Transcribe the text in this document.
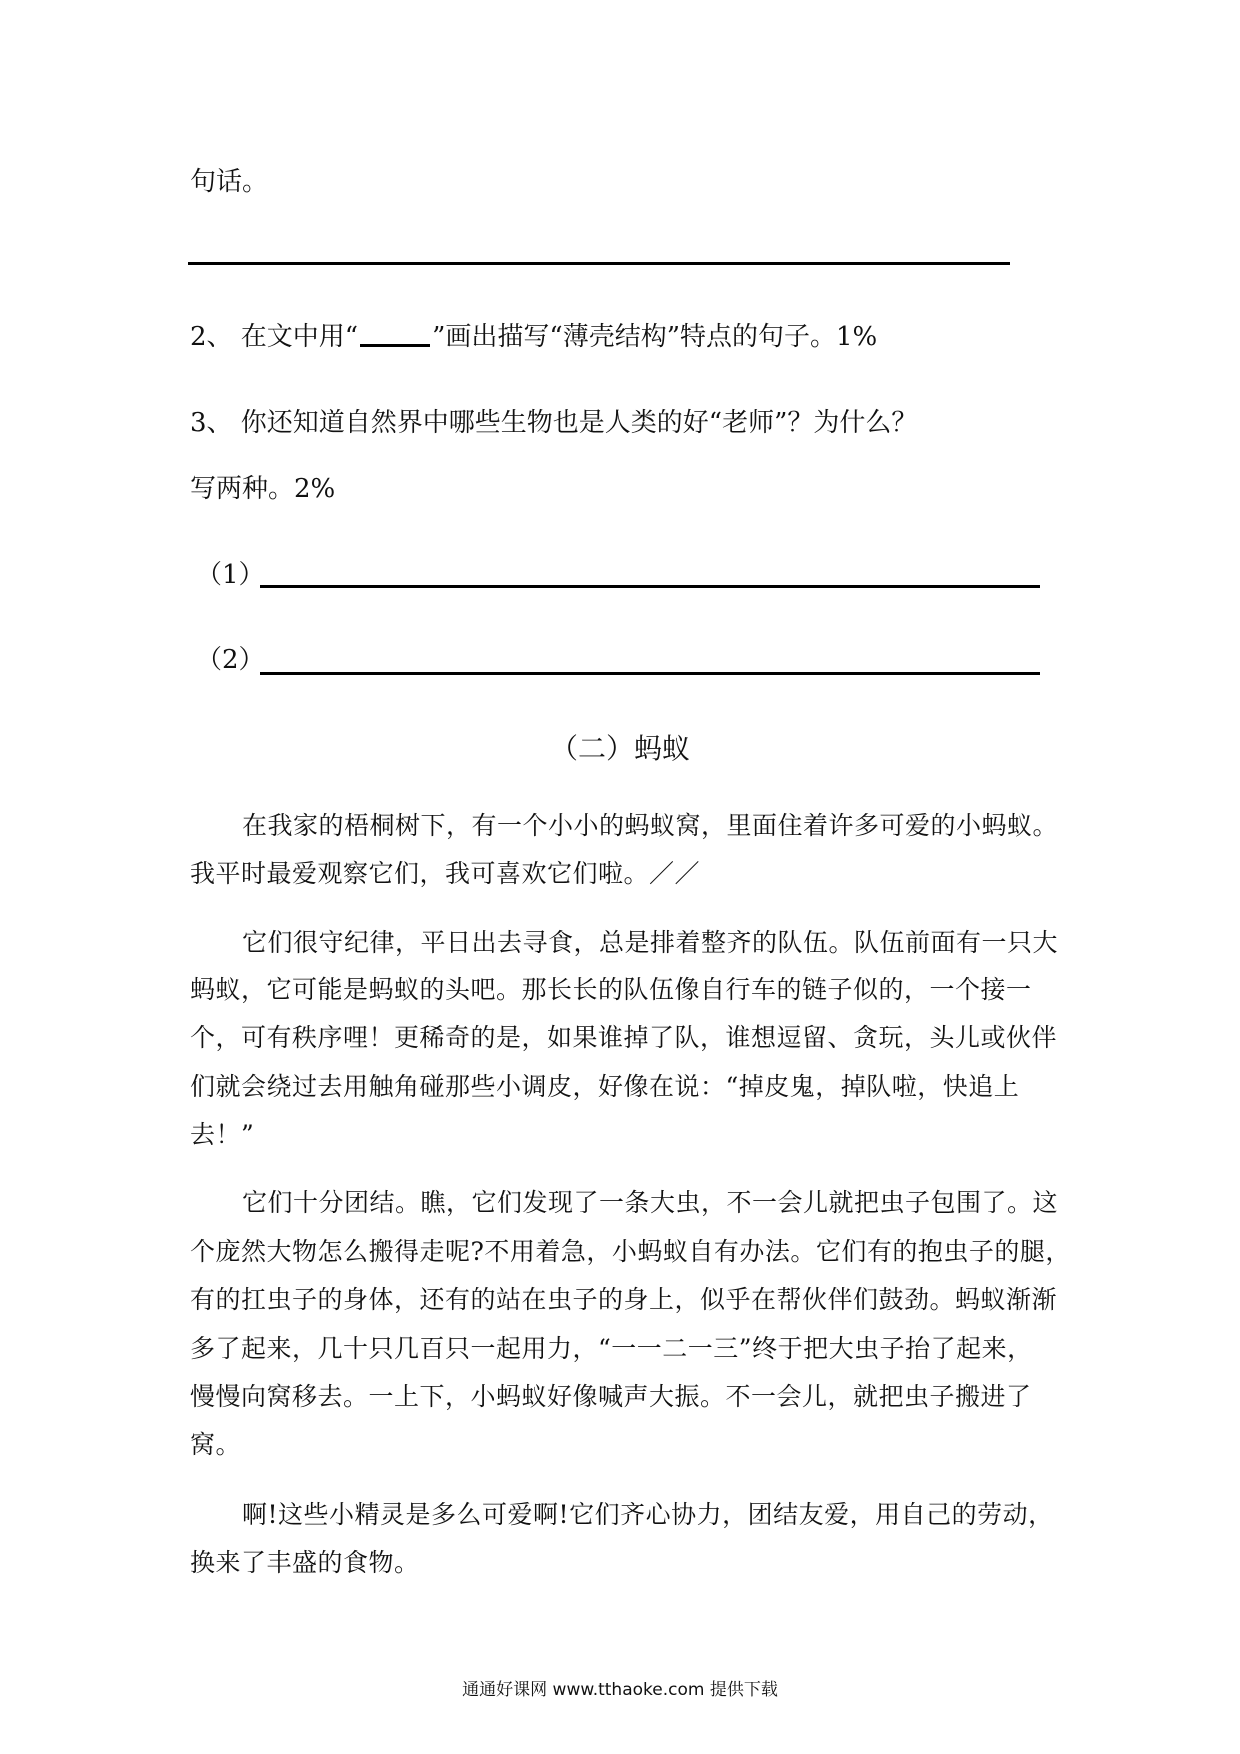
句话。
2、 在文中用“	”画出描写“薄壳结构”特点的句子。1%
3、 你还知道自然界中哪些生物也是人类的好“老师”？为什么？
写两种。2%
（1）
（2）
（二）蚂蚁
在我家的梧桐树下，有一个小小的蚂蚁窝，里面住着许多可爱的小蚂蚁。
我平时最爱观察它们，我可喜欢它们啦。／／
它们很守纪律，平日出去寻食，总是排着整齐的队伍。队伍前面有一只大
蚂蚁，它可能是蚂蚁的头吧。那长长的队伍像自行车的链子似的，一个接一
个，可有秩序哩！更稀奇的是，如果谁掉了队，谁想逗留、贪玩，头儿或伙伴
们就会绕过去用触角碰那些小调皮，好像在说：“掉皮鬼，掉队啦，快追上
去！”
它们十分团结。瞧，它们发现了一条大虫，不一会儿就把虫子包围了。这
个庞然大物怎么搬得走呢?不用着急，小蚂蚁自有办法。它们有的抱虫子的腿，
有的扛虫子的身体，还有的站在虫子的身上，似乎在帮伙伴们鼓劲。蚂蚁渐渐
多了起来，几十只几百只一起用力，“一一二一三”终于把大虫子抬了起来，
慢慢向窝移去。一上下，小蚂蚁好像喊声大振。不一会儿，就把虫子搬进了
窝。
啊!这些小精灵是多么可爱啊!它们齐心协力，团结友爱，用自己的劳动，
换来了丰盛的食物。
通通好课网 www.tthaoke.com 提供下载
